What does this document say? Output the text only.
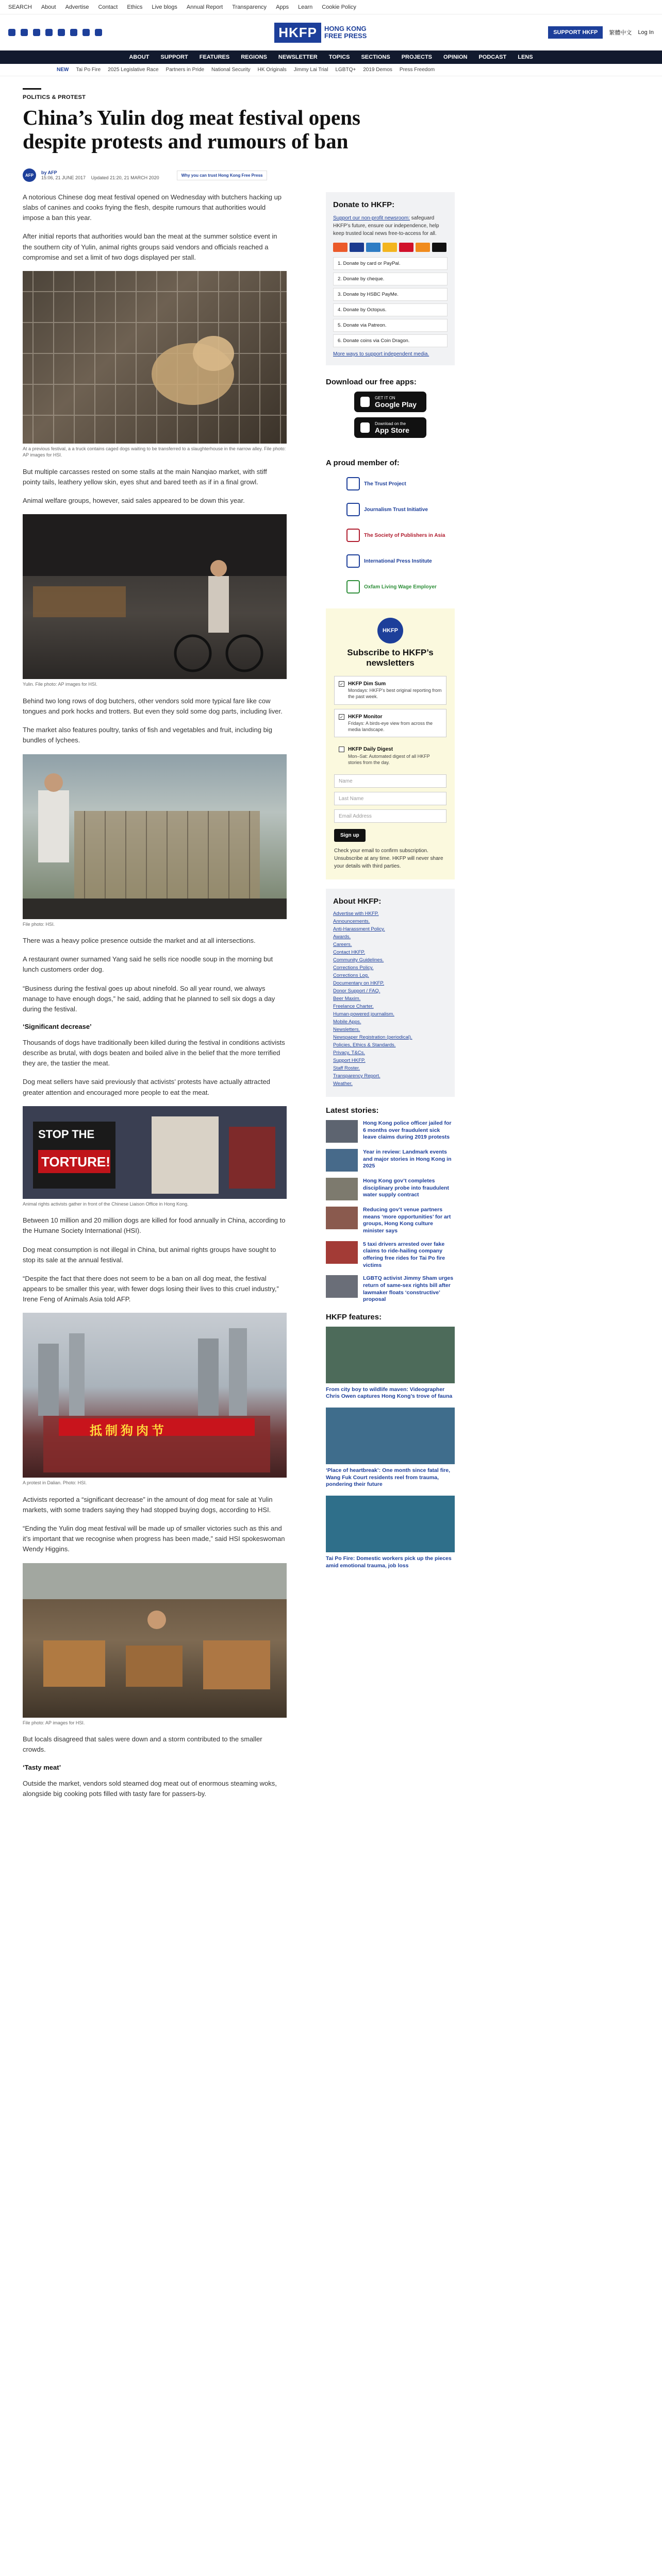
SEARCH About Advertise Contact Ethics Live blogs Annual Report Transparency Apps Learn Cookie Policy
HKFP	HONG KONG FREE PRESS	SUPPORT HKFP	繁體中文 Log In
ABOUT SUPPORT FEATURES REGIONS NEWSLETTER TOPICS SECTIONS PROJECTS OPINION PODCAST LENS
NEW Tai Po Fire 2025 Legislative Race Partners in Pride National Security HK Originals Jimmy Lai Trial LGBTQ+ 2019 Demos Press Freedom
POLITICS & PROTEST
China’s Yulin dog meat festival opens despite protests and rumours of ban
AFP	by AFP
15:06, 21 JUNE 2017 Updated 21:20, 21 MARCH 2020	Why you can trust Hong Kong Free Press

A notorious Chinese dog meat festival opened on Wednesday with butchers hacking up slabs of canines and cooks frying the flesh, despite rumours that authorities would impose a ban this year.

After initial reports that authorities would ban the meat at the summer solstice event in the southern city of Yulin, animal rights groups said vendors and officials reached a compromise and set a limit of two dogs displayed per stall.

At a previous festival, a a truck contains caged dogs waiting to be transferred to a slaughterhouse in the narrow alley. File photo: AP images for HSI.

But multiple carcasses rested on some stalls at the main Nanqiao market, with stiff pointy tails, leathery yellow skin, eyes shut and bared teeth as if in a final growl.

Animal welfare groups, however, said sales appeared to be down this year.

Yulin. File photo: AP images for HSI.

Behind two long rows of dog butchers, other vendors sold more typical fare like cow tongues and pork hocks and trotters. But even they sold some dog parts, including liver.

The market also features poultry, tanks of fish and vegetables and fruit, including big bundles of lychees.

File photo: HSI.

There was a heavy police presence outside the market and at all intersections.

A restaurant owner surnamed Yang said he sells rice noodle soup in the morning but lunch customers order dog.

“Business during the festival goes up about ninefold. So all year round, we always manage to have enough dogs,” he said, adding that he planned to sell six dogs a day during the festival.

‘Significant decrease’

Thousands of dogs have traditionally been killed during the festival in conditions activists describe as brutal, with dogs beaten and boiled alive in the belief that the more terrified they are, the tastier the meat.

Dog meat sellers have said previously that activists’ protests have actually attracted greater attention and encouraged more people to eat the meat.

STOP THE
TORTURE!
Animal rights activists gather in front of the Chinese Liaison Office in Hong Kong.

Between 10 million and 20 million dogs are killed for food annually in China, according to the Humane Society International (HSI).

Dog meat consumption is not illegal in China, but animal rights groups have sought to stop its sale at the annual festival.

“Despite the fact that there does not seem to be a ban on all dog meat, the festival appears to be smaller this year, with fewer dogs losing their lives to this cruel industry,” Irene Feng of Animals Asia told AFP.

抵制狗肉节
A protest in Dalian. Photo: HSI.

Activists reported a “significant decrease” in the amount of dog meat for sale at Yulin markets, with some traders saying they had stopped buying dogs, according to HSI.

“Ending the Yulin dog meat festival will be made up of smaller victories such as this and it’s important that we recognise when progress has been made,” said HSI spokeswoman Wendy Higgins.

File photo: AP images for HSI.

But locals disagreed that sales were down and a storm contributed to the smaller crowds.

‘Tasty meat’

Outside the market, vendors sold steamed dog meat out of enormous steaming woks, alongside big cooking pots filled with tasty fare for passers-by.

Donate to HKFP:
Support our non-profit newsroom: safeguard HKFP’s future, ensure our independence, help keep trusted local news free-to-access for all.
1. Donate by card or PayPal.
2. Donate by cheque.
3. Donate by HSBC PayMe.
4. Donate by Octopus.
5. Donate via Patreon.
6. Donate coins via Coin Dragon.
More ways to support independent media.
Download our free apps:
GET IT ON
Google Play
Download on the
App Store
A proud member of:
The Trust Project
Journalism Trust Initiative
The Society of Publishers in Asia
International Press Institute
Oxfam Living Wage Employer
HKFP
Subscribe to HKFP’s newsletters
✓ HKFP Dim Sum
Mondays: HKFP’s best original reporting from the past week.
✓ HKFP Monitor
Fridays: A birds-eye view from across the media landscape.
HKFP Daily Digest
Mon–Sat: Automated digest of all HKFP stories from the day.
Name
Last Name
Email Address
Sign up
Check your email to confirm subscription. Unsubscribe at any time. HKFP will never share your details with third parties.
About HKFP:
Advertise with HKFP.
Announcements.
Anti-Harassment Policy.
Awards.
Careers.
Contact HKFP.
Community Guidelines.
Corrections Policy.
Corrections Log.
Documentary on HKFP.
Donor Support / FAQ.
Beer Maxim.
Freelance Charter.
Human-powered journalism.
Mobile Apps.
Newsletters.
Newspaper Registration (periodical).
Policies, Ethics & Standards.
Privacy, T&Cs.
Support HKFP.
Staff Roster.
Transparency Report.
Weather.
Latest stories:
Hong Kong police officer jailed for 6 months over fraudulent sick leave claims during 2019 protests
Year in review: Landmark events and major stories in Hong Kong in 2025
Hong Kong gov’t completes disciplinary probe into fraudulent water supply contract
Reducing gov’t venue partners means ‘more opportunities’ for art groups, Hong Kong culture minister says
5 taxi drivers arrested over fake claims to ride-hailing company offering free rides for Tai Po fire victims
LGBTQ activist Jimmy Sham urges return of same-sex rights bill after lawmaker floats ‘constructive’ proposal
HKFP features:
From city boy to wildlife maven: Videographer Chris Owen captures Hong Kong’s trove of fauna
‘Place of heartbreak’: One month since fatal fire, Wang Fuk Court residents reel from trauma, pondering their future
Tai Po Fire: Domestic workers pick up the pieces amid emotional trauma, job loss
